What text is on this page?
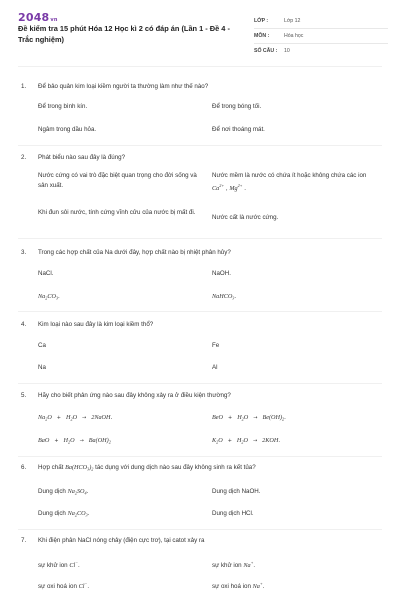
2048vn
Đề kiểm tra 15 phút Hóa 12 Học kì 2 có đáp án (Lần 1 - Đề 4 - Trắc nghiệm)
LỚP :	Lớp 12
MÔN :	Hóa học
SỐ CÂU : 10
1. Để bảo quản kim loại kiềm người ta thường làm như thế nào?
Để trong bình kín.	Để trong bóng tối.
Ngâm trong dầu hỏa.	Để nơi thoáng mát.
2. Phát biểu nào sau đây là đúng?
Nước cứng có vai trò đặc biệt quan trọng cho đời sống và sản xuất.
Nước mềm là nước có chứa ít hoặc không chứa các ion $Ca^{2+}$ , $Mg^{2+}$ .
Khi đun sôi nước, tính cứng vĩnh cửu của nước bị mất đi.
Nước cất là nước cứng.
3. Trong các hợp chất của Na dưới đây, hợp chất nào bị nhiệt phân hủy?
NaCl.	NaOH.
$Na_2CO_3$.	NaHCO$_3$.
4. Kim loại nào sau đây là kim loại kiềm thổ?
Ca	Fe
Na	Al
5. Hãy cho biết phản ứng nào sau đây không xảy ra ở điều kiện thường?
$Na_2O + H_2O$ → 2NaOH.	BeO + $H_2O \to Be(OH)_2$.
BaO + $H_2O \to Ba(OH)_2$	$K_2O + H_2O \to 2KOH$.
6. Hợp chất $Ba(HCO_3)_2$ tác dụng với dung dịch nào sau đây không sinh ra kết tủa?
Dung dịch $Na_2SO_4$.	Dung dịch NaOH.
Dung dịch $Na_2CO_3$.	Dung dịch HCl.
7. Khi điện phân NaCl nóng chảy (điện cực trơ), tại catot xảy ra
sự khử ion Cl−.	sự khử ion Na+.
sự oxi hoá ion Cl−.	sự oxi hoá ion Na+.
